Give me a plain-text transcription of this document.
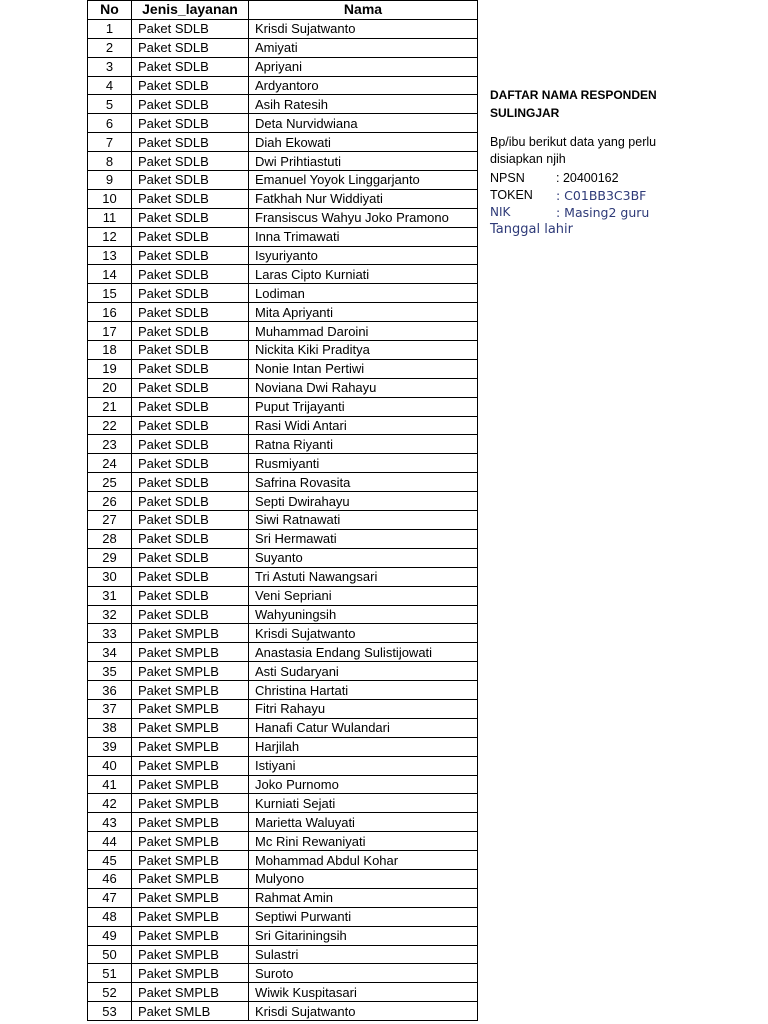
No	Jenis_layanan	Nama
1	Paket SDLB	Krisdi Sujatwanto
2	Paket SDLB	Amiyati
3	Paket SDLB	Apriyani
4	Paket SDLB	Ardyantoro
5	Paket SDLB	Asih Ratesih
6	Paket SDLB	Deta Nurvidwiana
7	Paket SDLB	Diah Ekowati
8	Paket SDLB	Dwi Prihtiastuti
9	Paket SDLB	Emanuel Yoyok Linggarjanto
10	Paket SDLB	Fatkhah Nur Widdiyati
11	Paket SDLB	Fransiscus Wahyu Joko Pramono
12	Paket SDLB	Inna Trimawati
13	Paket SDLB	Isyuriyanto
14	Paket SDLB	Laras Cipto Kurniati
15	Paket SDLB	Lodiman
16	Paket SDLB	Mita Apriyanti
17	Paket SDLB	Muhammad Daroini
18	Paket SDLB	Nickita Kiki Praditya
19	Paket SDLB	Nonie Intan Pertiwi
20	Paket SDLB	Noviana Dwi Rahayu
21	Paket SDLB	Puput Trijayanti
22	Paket SDLB	Rasi Widi Antari
23	Paket SDLB	Ratna Riyanti
24	Paket SDLB	Rusmiyanti
25	Paket SDLB	Safrina Rovasita
26	Paket SDLB	Septi Dwirahayu
27	Paket SDLB	Siwi Ratnawati
28	Paket SDLB	Sri Hermawati
29	Paket SDLB	Suyanto
30	Paket SDLB	Tri Astuti Nawangsari
31	Paket SDLB	Veni Sepriani
32	Paket SDLB	Wahyuningsih
33	Paket SMPLB	Krisdi Sujatwanto
34	Paket SMPLB	Anastasia Endang Sulistijowati
35	Paket SMPLB	Asti Sudaryani
36	Paket SMPLB	Christina Hartati
37	Paket SMPLB	Fitri Rahayu
38	Paket SMPLB	Hanafi Catur Wulandari
39	Paket SMPLB	Harjilah
40	Paket SMPLB	Istiyani
41	Paket SMPLB	Joko Purnomo
42	Paket SMPLB	Kurniati Sejati
43	Paket SMPLB	Marietta Waluyati
44	Paket SMPLB	Mc Rini Rewaniyati
45	Paket SMPLB	Mohammad Abdul Kohar
46	Paket SMPLB	Mulyono
47	Paket SMPLB	Rahmat Amin
48	Paket SMPLB	Septiwi Purwanti
49	Paket SMPLB	Sri Gitariningsih
50	Paket SMPLB	Sulastri
51	Paket SMPLB	Suroto
52	Paket SMPLB	Wiwik Kuspitasari
53	Paket SMLB	Krisdi Sujatwanto
DAFTAR NAMA RESPONDEN
SULINGJAR
Bp/ibu berikut data yang perlu
disiapkan njih
NPSN	: 20400162
TOKEN	: C01BB3C3BF
NIK	: Masing2 guru
Tanggal lahir
